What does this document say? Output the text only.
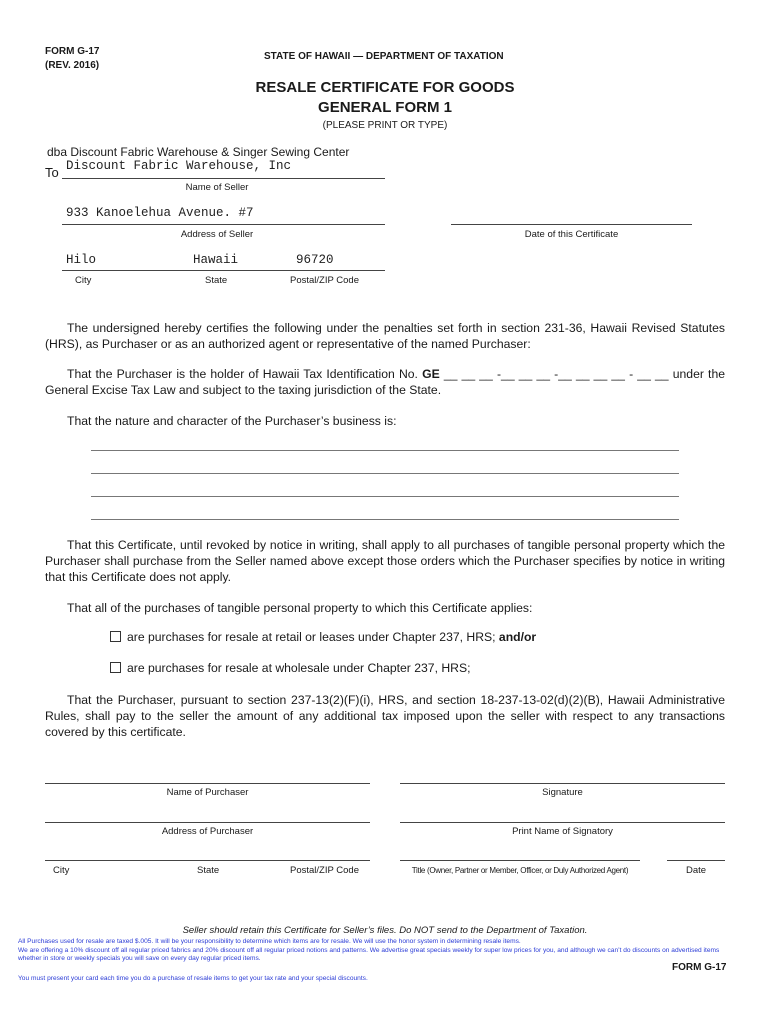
FORM G-17
(REV. 2016)
STATE OF HAWAII — DEPARTMENT OF TAXATION
RESALE CERTIFICATE FOR GOODS
GENERAL FORM 1
(PLEASE PRINT OR TYPE)
dba Discount Fabric Warehouse & Singer Sewing Center
To Discount Fabric Warehouse, Inc
Name of Seller
933 Kanoelehua Avenue. #7
Address of Seller	Date of this Certificate
Hilo	Hawaii	96720
City	State	Postal/ZIP Code
The undersigned hereby certifies the following under the penalties set forth in section 231-36, Hawaii Revised Statutes (HRS), as Purchaser or as an authorized agent or representative of the named Purchaser:
That the Purchaser is the holder of Hawaii Tax Identification No. GE __ __ __ -__ __ __ -__ __ __ __ - __ __ under the General Excise Tax Law and subject to the taxing jurisdiction of the State.
That the nature and character of the Purchaser’s business is:
That this Certificate, until revoked by notice in writing, shall apply to all purchases of tangible personal property which the Purchaser shall purchase from the Seller named above except those orders which the Purchaser specifies by notice in writing that this Certificate does not apply.
That all of the purchases of tangible personal property to which this Certificate applies:
are purchases for resale at retail or leases under Chapter 237, HRS; and/or
are purchases for resale at wholesale under Chapter 237, HRS;
That the Purchaser, pursuant to section 237-13(2)(F)(i), HRS, and section 18-237-13-02(d)(2)(B), Hawaii Administrative Rules, shall pay to the seller the amount of any additional tax imposed upon the seller with respect to any transactions covered by this certificate.
Name of Purchaser	Signature
Address of Purchaser	Print Name of Signatory
City	State	Postal/ZIP Code	Title (Owner, Partner or Member, Officer, or Duly Authorized Agent)	Date
Seller should retain this Certificate for Seller’s files. Do NOT send to the Department of Taxation.
All Purchases used for resale are taxed $.005. It will be your responsibility to determine which items are for resale. We will use the honor system in determining resale items.
We are offering a 10% discount off all regular priced fabrics and 20% discount off all regular priced notions and patterns. We advertise great specials weekly for super low prices for you, and although we can’t do discounts on advertised items whether in store or weekly specials you will save on every day regular priced items.
FORM G-17
You must present your card each time you do a purchase of resale items to get your tax rate and your special discounts.
